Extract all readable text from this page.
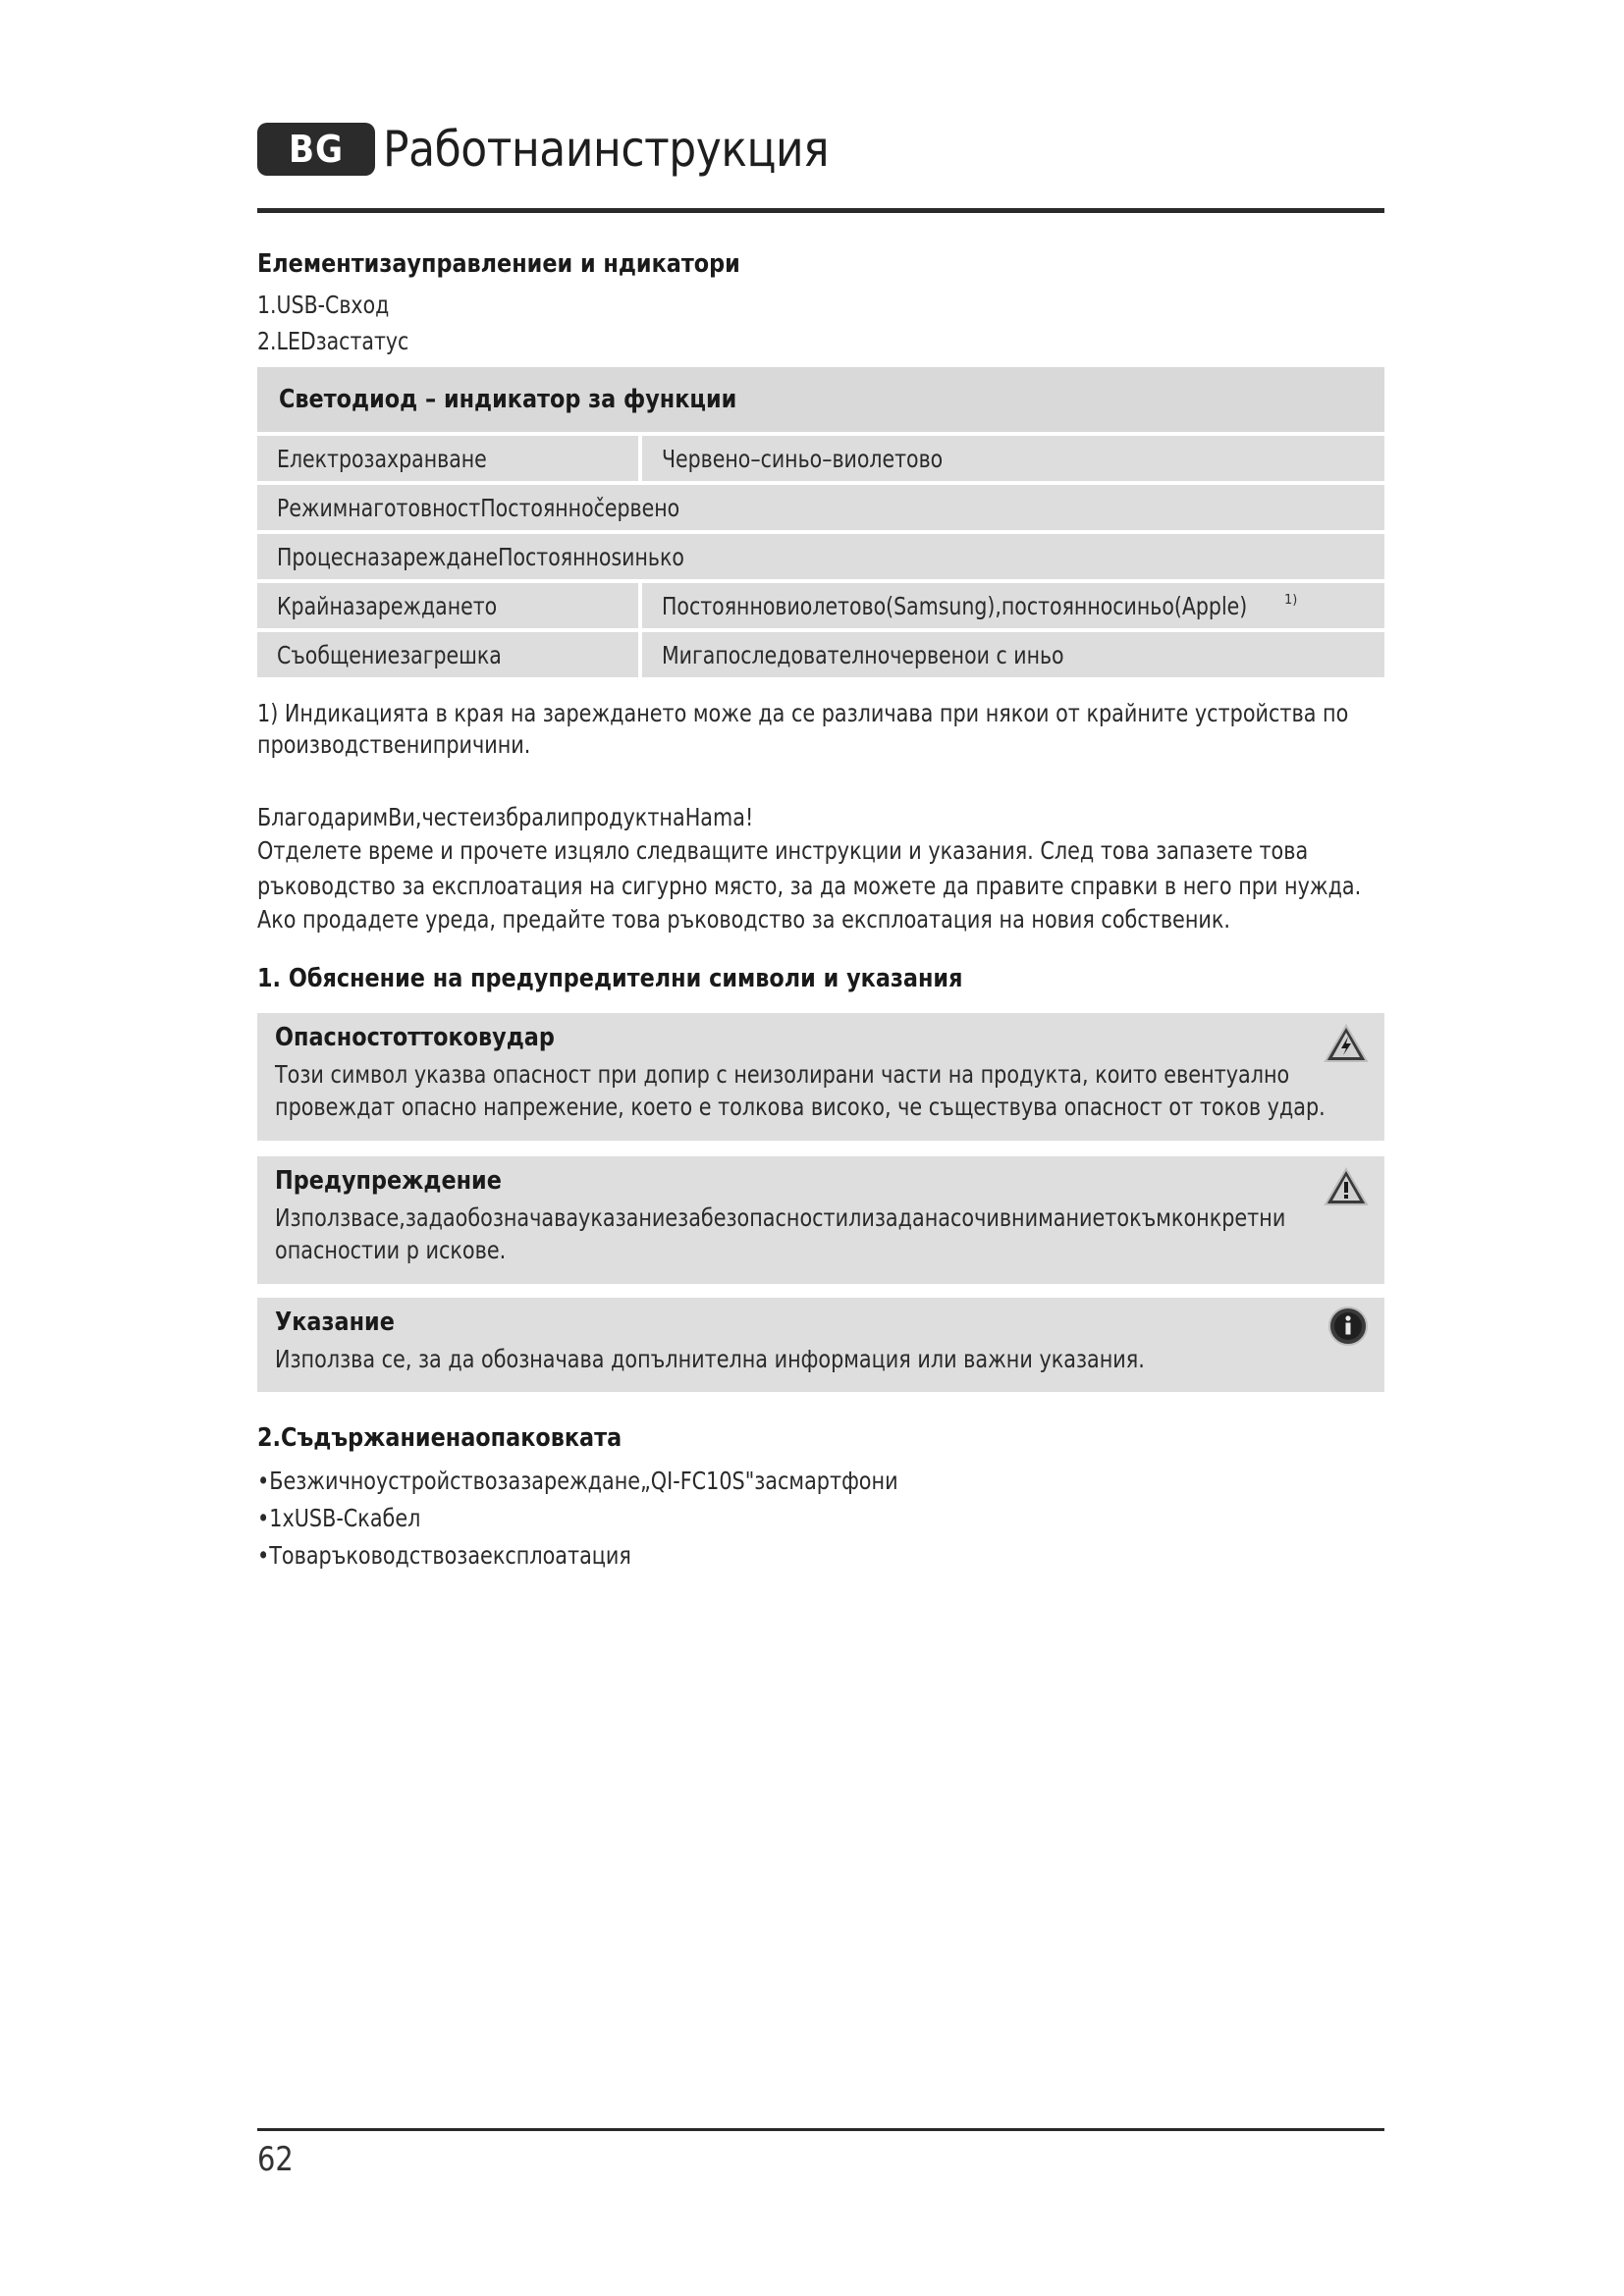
BG Работнаинструкция
Елементизауправлениеи и ндикатори
1.USB-Свход
2.LEDзастатус
Светодиод – индикатор за функции
Електрозахранване	Червено–синьо–виолетово
РежимнаготовностПостояннočервено
ПроцесназарежданеПостояннosинько
Крайназареждането	Постояннoвиолетово(Samsung),постояннoсиньо(Apple)	1)
Съобщениезагрешка	Мигапоследователночервенои с иньо
1) Индикацията в края на зареждането може да се различава при някои от крайните устройства по
производственипричини.
БлагодаримВи,честеизбралипродуктнаHama!
Отделете време и прочете изцяло следващите инструкции и указания. След това запазете това
ръководство за експлоатация на сигурно място, за да можете да правите справки в него при нужда.
Ако продадете уреда, предайте това ръководство за експлоатация на новия собственик.
1. Обяснение на предупредителни символи и указания
Опасностоттоковудар
Този символ указва опасност при допир с неизолирани части на продукта, които евентуално
провеждат опасно напрежение, което е толкова високо, че съществува опасност от токов удар.
Предупреждение
Използвасе,задаобозначавауказаниезабезопасностилизаданасочивниманиетокъмконкретни
опасностии р искове.
Указание
Използва се, за да обозначава допълнителна информация или важни указания.
2.Съдържаниенаопаковката
•Безжичноустройствозазареждане„QI-FC10S"засмартфони
•1xUSB-Скабел
•Товаръководствозаексплоатация
62
